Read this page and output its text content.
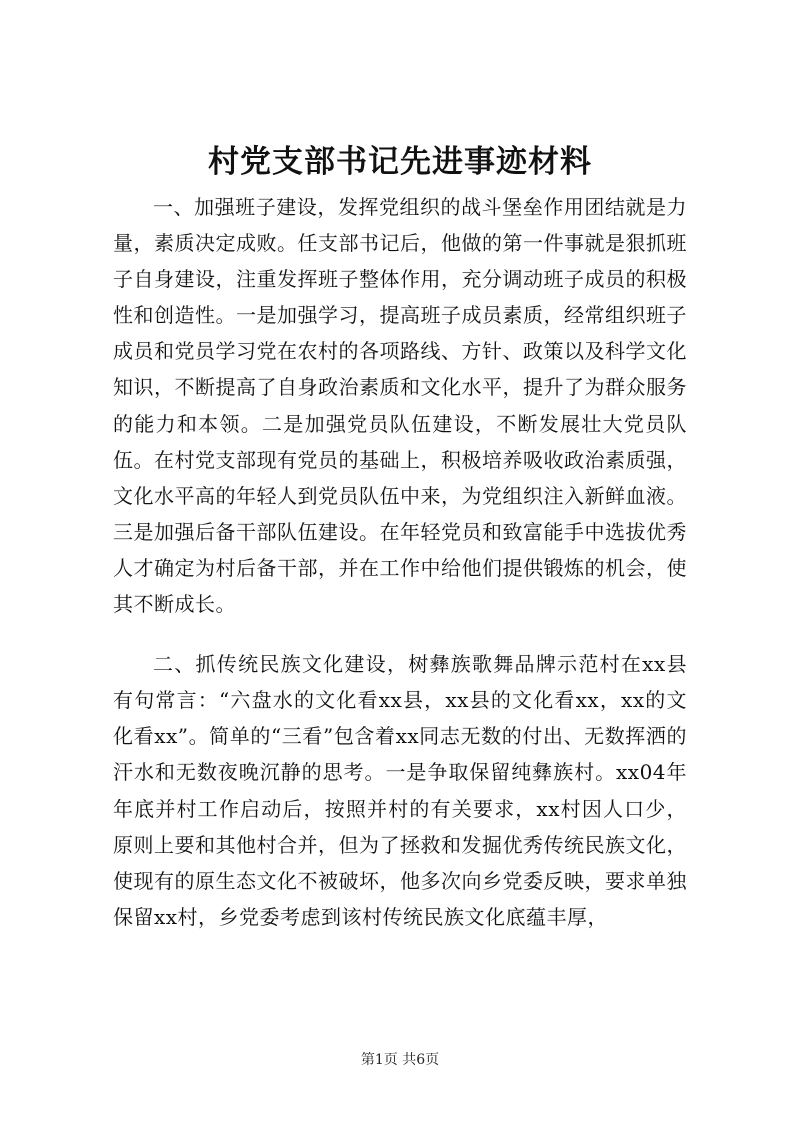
村党支部书记先进事迹材料

一、加强班子建设，发挥党组织的战斗堡垒作用团结就是力量，素质决定成败。任支部书记后，他做的第一件事就是狠抓班子自身建设，注重发挥班子整体作用，充分调动班子成员的积极性和创造性。一是加强学习，提高班子成员素质，经常组织班子成员和党员学习党在农村的各项路线、方针、政策以及科学文化知识，不断提高了自身政治素质和文化水平，提升了为群众服务的能力和本领。二是加强党员队伍建设，不断发展壮大党员队伍。在村党支部现有党员的基础上，积极培养吸收政治素质强，文化水平高的年轻人到党员队伍中来，为党组织注入新鲜血液。三是加强后备干部队伍建设。在年轻党员和致富能手中选拔优秀人才确定为村后备干部，并在工作中给他们提供锻炼的机会，使其不断成长。

二、抓传统民族文化建设，树彝族歌舞品牌示范村在xx县有句常言：“六盘水的文化看xx县，xx县的文化看xx，xx的文化看xx”。简单的“三看”包含着xx同志无数的付出、无数挥洒的汗水和无数夜晚沉静的思考。一是争取保留纯彝族村。xx04年年底并村工作启动后，按照并村的有关要求，xx村因人口少，原则上要和其他村合并，但为了拯救和发掘优秀传统民族文化，使现有的原生态文化不被破坏，他多次向乡党委反映，要求单独保留xx村，乡党委考虑到该村传统民族文化底蕴丰厚，

第1页 共6页
